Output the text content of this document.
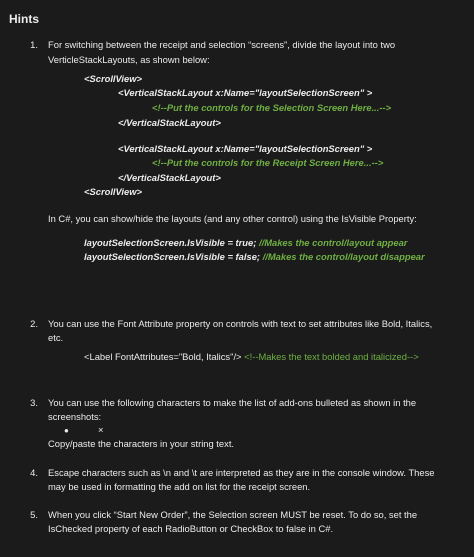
Hints
1. For switching between the receipt and selection “screens”, divide the layout into two
VerticleStackLayouts, as shown below:
<ScrollView>
<VerticalStackLayout x:Name="layoutSelectionScreen" >
<!--Put the controls for the Selection Screen Here...-->
</VerticalStackLayout>
<VerticalStackLayout x:Name="layoutSelectionScreen" >
<!--Put the controls for the Receipt Screen Here...-->
</VerticalStackLayout>
<ScrollView>
In C#, you can show/hide the layouts (and any other control) using the IsVisible Property:
layoutSelectionScreen.IsVisible = true; //Makes the control/layout appear
layoutSelectionScreen.IsVisible = false; //Makes the control/layout disappear
2. You can use the Font Attribute property on controls with text to set attributes like Bold, Italics,
etc.
<Label FontAttributes="Bold, Italics"/> <!--Makes the text bolded and italicized-->
3. You can use the following characters to make the list of add-ons bulleted as shown in the
screenshots:
●	×
Copy/paste the characters in your string text.
4. Escape characters such as \n and \t are interpreted as they are in the console window. These
may be used in formatting the add on list for the receipt screen.
5. When you click “Start New Order”, the Selection screen MUST be reset. To do so, set the
IsChecked property of each RadioButton or CheckBox to false in C#.
